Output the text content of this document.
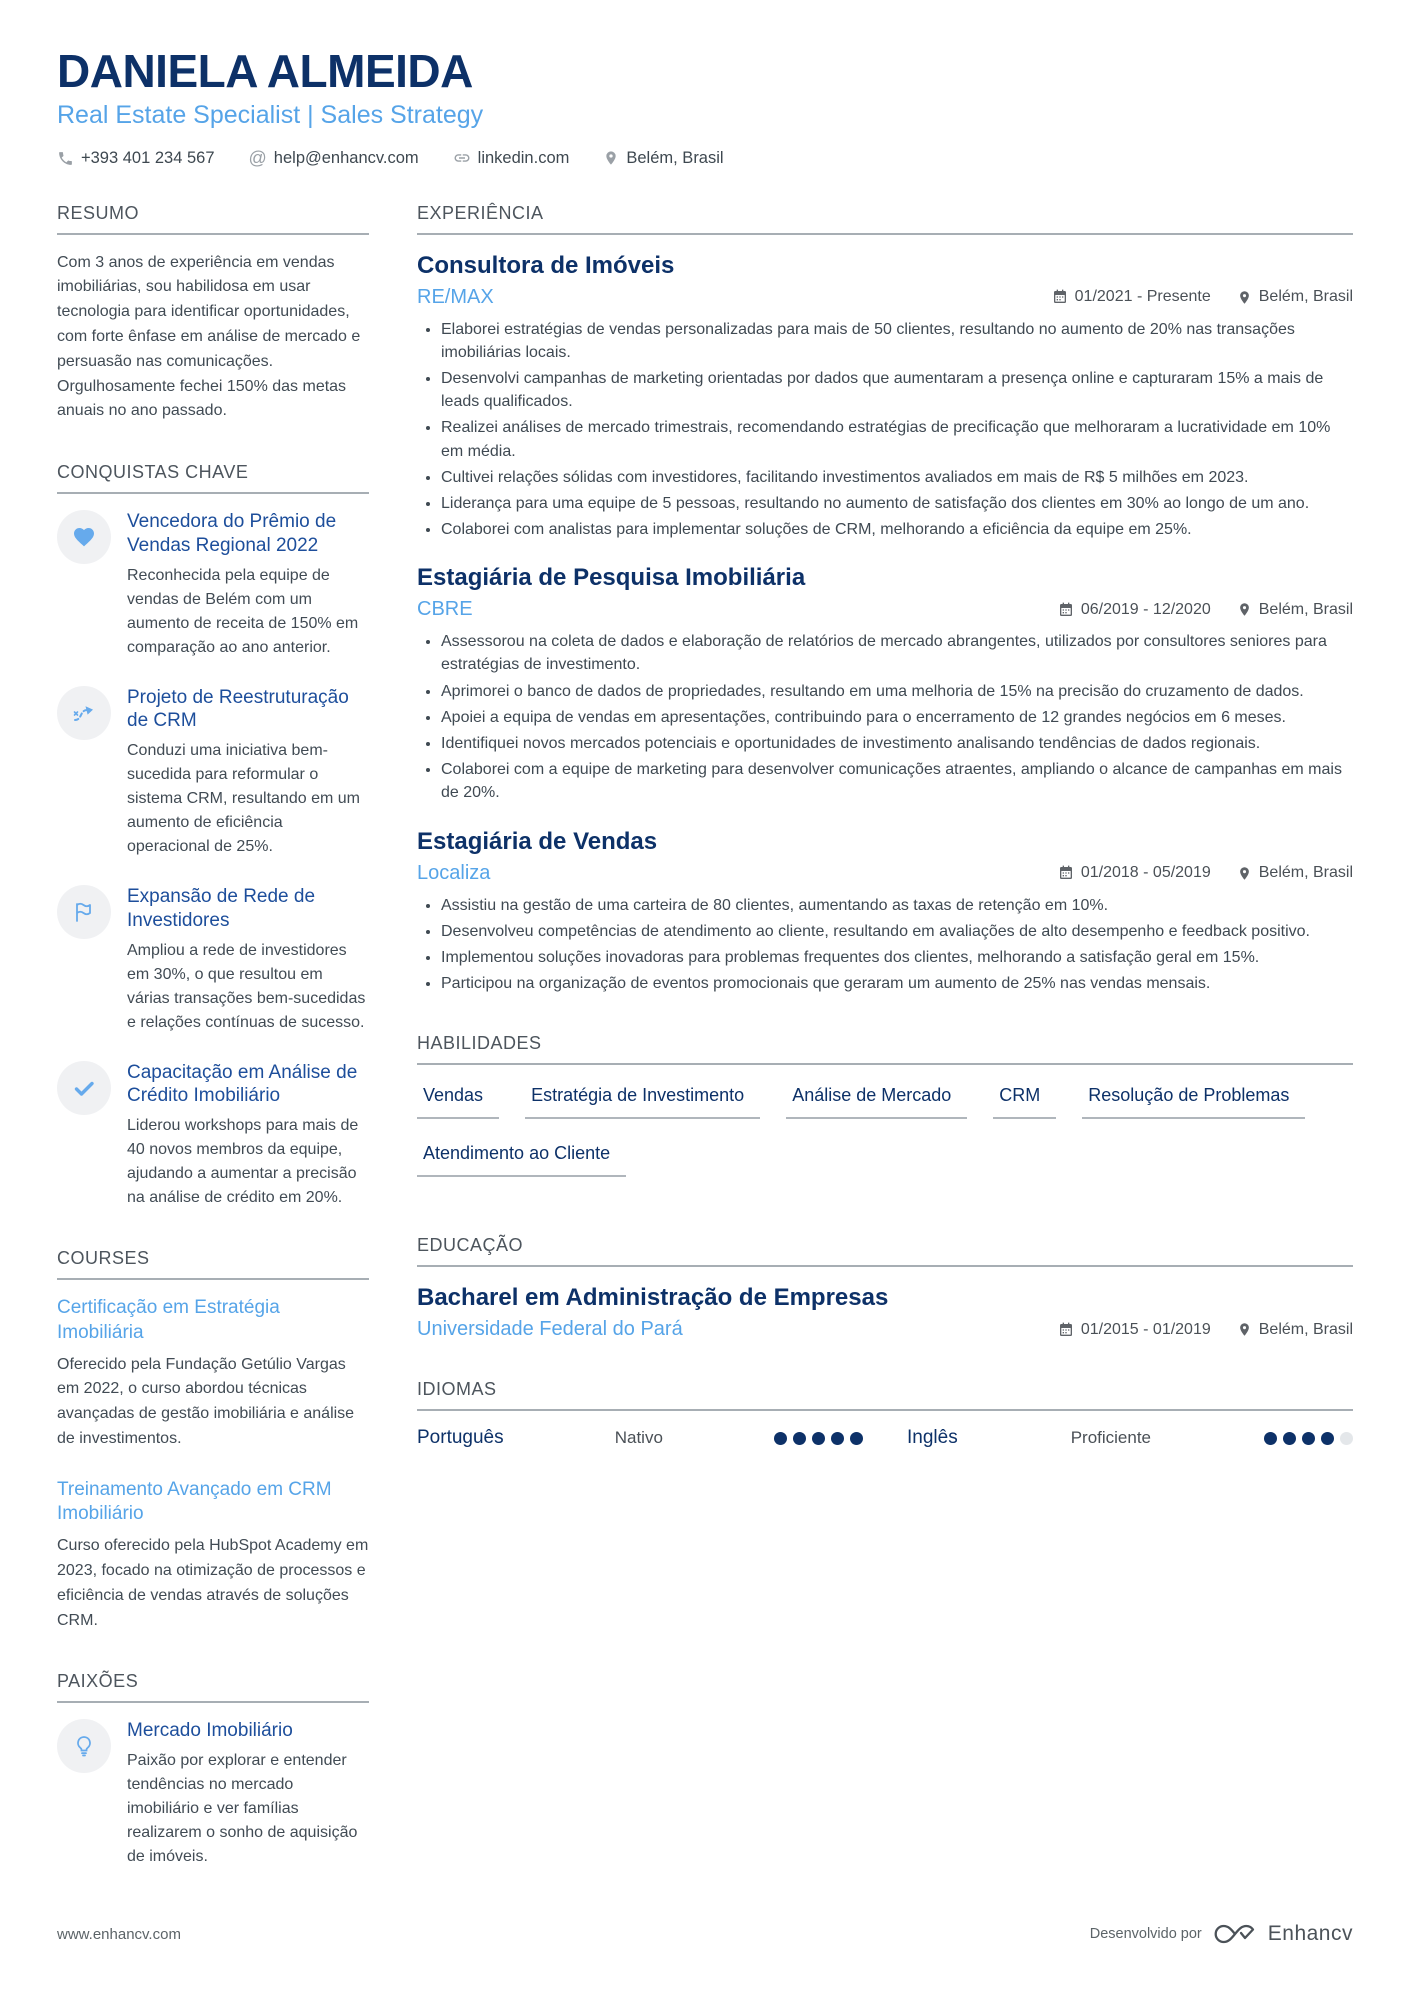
DANIELA ALMEIDA
Real Estate Specialist | Sales Strategy
+393 401 234 567 @ help@enhancv.com	linkedin.com	Belém, Brasil
RESUMO

Com 3 anos de experiência em vendas imobiliárias, sou habilidosa em usar tecnologia para identificar oportunidades, com forte ênfase em análise de mercado e persuasão nas comunicações. Orgulhosamente fechei 150% das metas anuais no ano passado.

CONQUISTAS CHAVE
Vencedora do Prêmio de Vendas Regional 2022
Reconhecida pela equipe de vendas de Belém com um aumento de receita de 150% em comparação ao ano anterior.
Projeto de Reestruturação de CRM
Conduzi uma iniciativa bem-sucedida para reformular o sistema CRM, resultando em um aumento de eficiência operacional de 25%.
Expansão de Rede de Investidores
Ampliou a rede de investidores em 30%, o que resultou em várias transações bem-sucedidas e relações contínuas de sucesso.
Capacitação em Análise de Crédito Imobiliário
Liderou workshops para mais de 40 novos membros da equipe, ajudando a aumentar a precisão na análise de crédito em 20%.
COURSES
Certificação em Estratégia Imobiliária

Oferecido pela Fundação Getúlio Vargas em 2022, o curso abordou técnicas avançadas de gestão imobiliária e análise de investimentos.

Treinamento Avançado em CRM Imobiliário

Curso oferecido pela HubSpot Academy em 2023, focado na otimização de processos e eficiência de vendas através de soluções CRM.

PAIXÕES
Mercado Imobiliário
Paixão por explorar e entender tendências no mercado imobiliário e ver famílias realizarem o sonho de aquisição de imóveis.
EXPERIÊNCIA
Consultora de Imóveis
RE/MAX	01/2021 - Presente	Belém, Brasil
• Elaborei estratégias de vendas personalizadas para mais de 50 clientes, resultando no aumento de 20% nas transações imobiliárias locais.
• Desenvolvi campanhas de marketing orientadas por dados que aumentaram a presença online e capturaram 15% a mais de leads qualificados.
• Realizei análises de mercado trimestrais, recomendando estratégias de precificação que melhoraram a lucratividade em 10% em média.
• Cultivei relações sólidas com investidores, facilitando investimentos avaliados em mais de R$ 5 milhões em 2023.
• Liderança para uma equipe de 5 pessoas, resultando no aumento de satisfação dos clientes em 30% ao longo de um ano.
• Colaborei com analistas para implementar soluções de CRM, melhorando a eficiência da equipe em 25%.
Estagiária de Pesquisa Imobiliária
CBRE	06/2019 - 12/2020	Belém, Brasil
• Assessorou na coleta de dados e elaboração de relatórios de mercado abrangentes, utilizados por consultores seniores para estratégias de investimento.
• Aprimorei o banco de dados de propriedades, resultando em uma melhoria de 15% na precisão do cruzamento de dados.
• Apoiei a equipa de vendas em apresentações, contribuindo para o encerramento de 12 grandes negócios em 6 meses.
• Identifiquei novos mercados potenciais e oportunidades de investimento analisando tendências de dados regionais.
• Colaborei com a equipe de marketing para desenvolver comunicações atraentes, ampliando o alcance de campanhas em mais de 20%.
Estagiária de Vendas
Localiza	01/2018 - 05/2019	Belém, Brasil
• Assistiu na gestão de uma carteira de 80 clientes, aumentando as taxas de retenção em 10%.
• Desenvolveu competências de atendimento ao cliente, resultando em avaliações de alto desempenho e feedback positivo.
• Implementou soluções inovadoras para problemas frequentes dos clientes, melhorando a satisfação geral em 15%.
• Participou na organização de eventos promocionais que geraram um aumento de 25% nas vendas mensais.
HABILIDADES
Vendas	Estratégia de Investimento	Análise de Mercado	CRM	Resolução de Problemas
Atendimento ao Cliente
EDUCAÇÃO
Bacharel em Administração de Empresas
Universidade Federal do Pará	01/2015 - 01/2019	Belém, Brasil
IDIOMAS
Português	Nativo	Inglês	Proficiente
www.enhancv.com	Desenvolvido por	Enhancv
